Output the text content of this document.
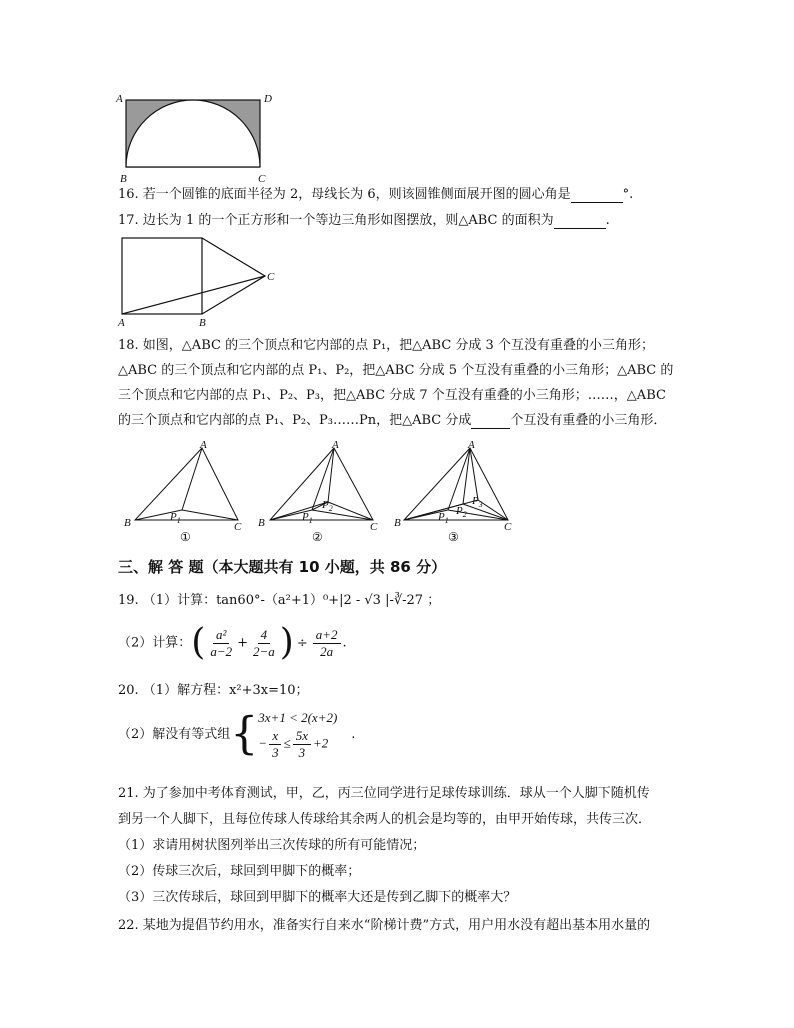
A	D
B	C
16. 若一个圆锥的底面半径为 2，母线长为 6，则该圆锥侧面展开图的圆心角是	°.
17. 边长为 1 的一个正方形和一个等边三角形如图摆放，则△ABC 的面积为	.
A	B
C
18. 如图，△ABC 的三个顶点和它内部的点 P₁，把△ABC 分成 3 个互没有重叠的小三角形；
△ABC 的三个顶点和它内部的点 P₁、P₂，把△ABC 分成 5 个互没有重叠的小三角形；△ABC 的
三个顶点和它内部的点 P₁、P₂、P₃，把△ABC 分成 7 个互没有重叠的小三角形；……，△ABC
的三个顶点和它内部的点 P₁、P₂、P₃……Pn，把△ABC 分成	个互没有重叠的小三角形．
A
B	C
$P_1$
①
A
B	C
$P_1$
$P_2$
②
A
B	C
$P_1$
$P_2$
$P_3$
③
三、解 答 题（本大题共有 10 小题，共 86 分）
19. （1）计算：tan60°-（a²+1）⁰+|2 - √3 |-∛-27 ；
（2）计算：( $\frac{\text{a²}}{a-2} + \frac{4}{2-a}$ ) ÷ $\frac{a+2}{2a}$ .
20. （1）解方程：x²+3x=10；
（2）解没有等式组{ 3x+1 < 2(x+2)
− $\frac{x}{3} \le \frac{5x}{3} +2$
.
21. 为了参加中考体育测试，甲，乙，丙三位同学进行足球传球训练．球从一个人脚下随机传
到另一个人脚下，且每位传球人传球给其余两人的机会是均等的，由甲开始传球，共传三次．
（1）求请用树状图列举出三次传球的所有可能情况；
（2）传球三次后，球回到甲脚下的概率；
（3）三次传球后，球回到甲脚下的概率大还是传到乙脚下的概率大？
22. 某地为提倡节约用水，准备实行自来水“阶梯计费”方式，用户用水没有超出基本用水量的
